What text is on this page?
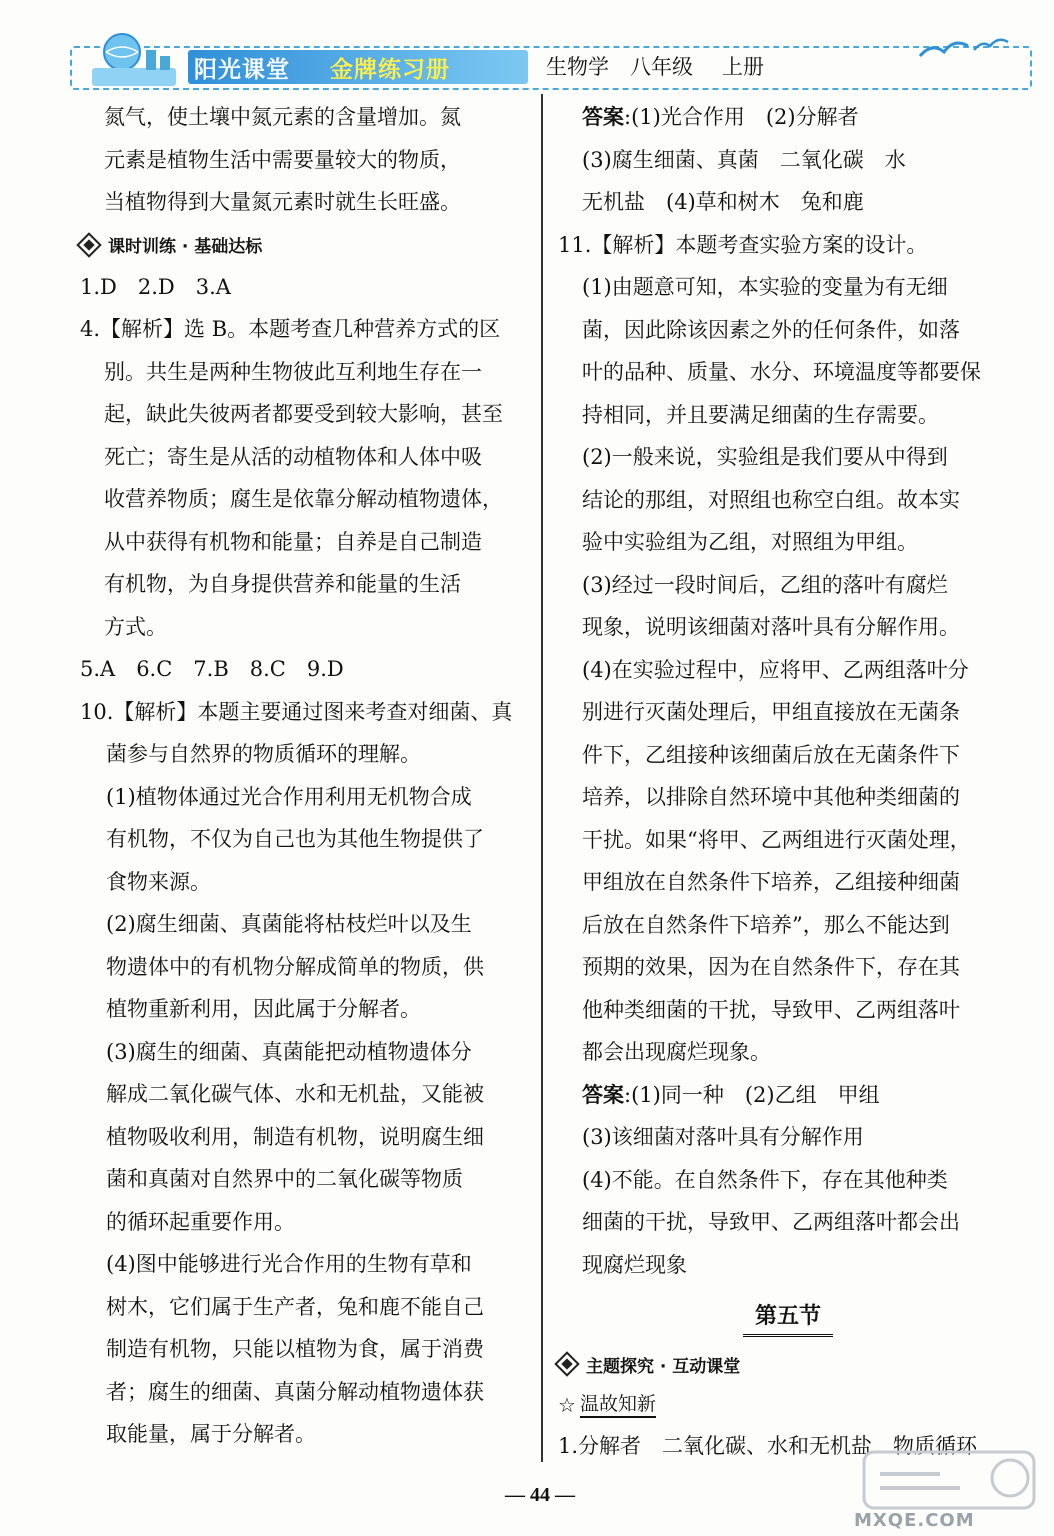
阳光课堂 金牌练习册	生物学 八年级 上册

氮气，使土壤中氮元素的含量增加。氮

元素是植物生活中需要量较大的物质，

当植物得到大量氮元素时就生长旺盛。

课时训练 · 基础达标

1.D　2.D　3.A

4.【解析】选 B。本题考查几种营养方式的区

别。共生是两种生物彼此互利地生存在一

起，缺此失彼两者都要受到较大影响，甚至

死亡；寄生是从活的动植物体和人体中吸

收营养物质；腐生是依靠分解动植物遗体，

从中获得有机物和能量；自养是自己制造

有机物，为自身提供营养和能量的生活

方式。

5.A　6.C　7.B　8.C　9.D

10.【解析】本题主要通过图来考查对细菌、真

菌参与自然界的物质循环的理解。

(1)植物体通过光合作用利用无机物合成

有机物，不仅为自己也为其他生物提供了

食物来源。

(2)腐生细菌、真菌能将枯枝烂叶以及生

物遗体中的有机物分解成简单的物质，供

植物重新利用，因此属于分解者。

(3)腐生的细菌、真菌能把动植物遗体分

解成二氧化碳气体、水和无机盐，又能被

植物吸收利用，制造有机物，说明腐生细

菌和真菌对自然界中的二氧化碳等物质

的循环起重要作用。

(4)图中能够进行光合作用的生物有草和

树木，它们属于生产者，兔和鹿不能自己

制造有机物，只能以植物为食，属于消费

者；腐生的细菌、真菌分解动植物遗体获

取能量，属于分解者。

答案:(1)光合作用　(2)分解者

(3)腐生细菌、真菌　二氧化碳　水

无机盐　(4)草和树木　兔和鹿

11.【解析】本题考查实验方案的设计。

(1)由题意可知，本实验的变量为有无细

菌，因此除该因素之外的任何条件，如落

叶的品种、质量、水分、环境温度等都要保

持相同，并且要满足细菌的生存需要。

(2)一般来说，实验组是我们要从中得到

结论的那组，对照组也称空白组。故本实

验中实验组为乙组，对照组为甲组。

(3)经过一段时间后，乙组的落叶有腐烂

现象，说明该细菌对落叶具有分解作用。

(4)在实验过程中，应将甲、乙两组落叶分

别进行灭菌处理后，甲组直接放在无菌条

件下，乙组接种该细菌后放在无菌条件下

培养，以排除自然环境中其他种类细菌的

干扰。如果“将甲、乙两组进行灭菌处理，

甲组放在自然条件下培养，乙组接种细菌

后放在自然条件下培养”，那么不能达到

预期的效果，因为在自然条件下，存在其

他种类细菌的干扰，导致甲、乙两组落叶

都会出现腐烂现象。

答案:(1)同一种　(2)乙组　甲组

(3)该细菌对落叶具有分解作用

(4)不能。在自然条件下，存在其他种类

细菌的干扰，导致甲、乙两组落叶都会出

现腐烂现象

第五节
主题探究 · 互动课堂
☆ 温故知新

1.分解者　二氧化碳、水和无机盐　物质循环

— 44 —
MXQE.COM
